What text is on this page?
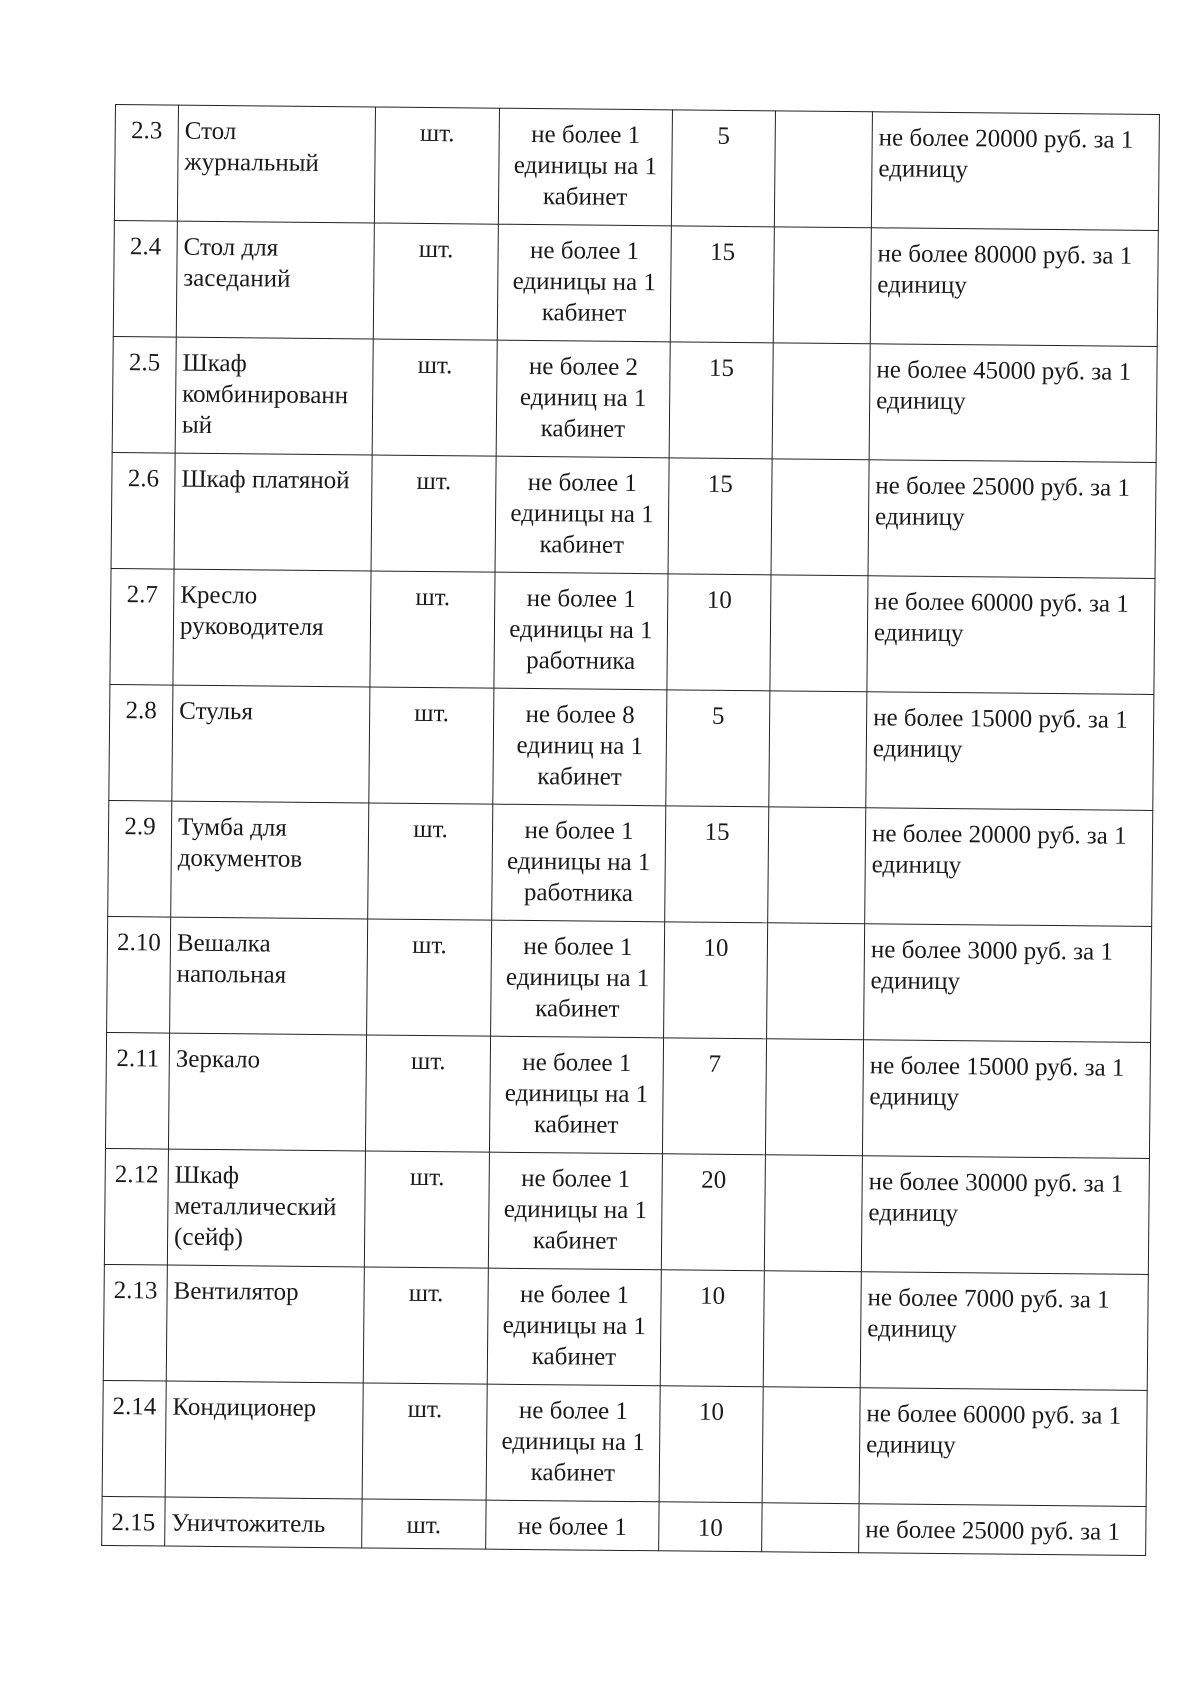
2.3	Стол журнальный	шт.	не более 1 единицы на 1 кабинет	5		не более 20000 руб. за 1 единицу
2.4	Стол для заседаний	шт.	не более 1 единицы на 1 кабинет	15		не более 80000 руб. за 1 единицу
2.5	Шкаф комбинированн ый	шт.	не более 2 единиц на 1 кабинет	15		не более 45000 руб. за 1 единицу
2.6	Шкаф платяной	шт.	не более 1 единицы на 1 кабинет	15		не более 25000 руб. за 1 единицу
2.7	Кресло руководителя	шт.	не более 1 единицы на 1 работника	10		не более 60000 руб. за 1 единицу
2.8	Стулья	шт.	не более 8 единиц на 1 кабинет	5		не более 15000 руб. за 1 единицу
2.9	Тумба для документов	шт.	не более 1 единицы на 1 работника	15		не более 20000 руб. за 1 единицу
2.10	Вешалка напольная	шт.	не более 1 единицы на 1 кабинет	10		не более 3000 руб. за 1 единицу
2.11	Зеркало	шт.	не более 1 единицы на 1 кабинет	7		не более 15000 руб. за 1 единицу
2.12	Шкаф металлический (сейф)	шт.	не более 1 единицы на 1 кабинет	20		не более 30000 руб. за 1 единицу
2.13	Вентилятор	шт.	не более 1 единицы на 1 кабинет	10		не более 7000 руб. за 1 единицу
2.14	Кондиционер	шт.	не более 1 единицы на 1 кабинет	10		не более 60000 руб. за 1 единицу
2.15	Уничтожитель	шт.	не более 1	10		не более 25000 руб. за 1
